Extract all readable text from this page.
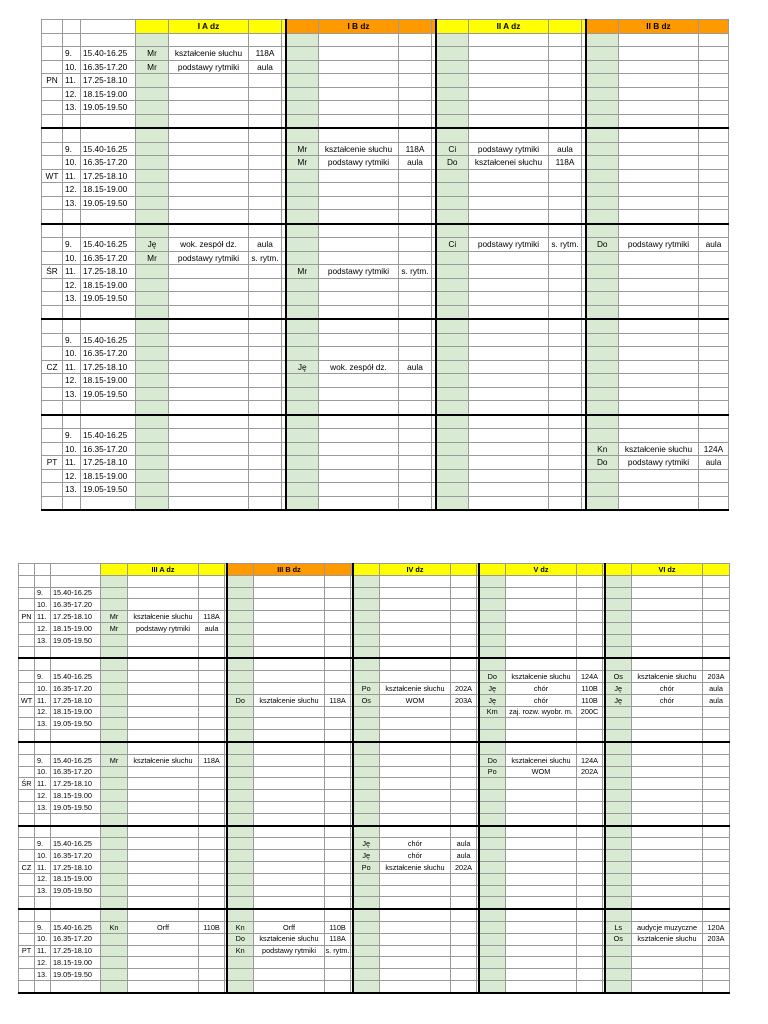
				I A dz				I B dz				II A dz				II B dz	

	9.	15.40-16.25	Mr	kształcenie słuchu	118A												
	10.	16.35-17.20	Mr	podstawy rytmiki	aula												
PN	11.	17.25-18.10															
	12.	18.15-19.00															
	13.	19.05-19.50															

	9.	15.40-16.25					Mr	kształcenie słuchu	118A		Ci	podstawy rytmiki	aula				
	10.	16.35-17.20					Mr	podstawy rytmiki	aula		Do	kształcenei słuchu	118A				
WT	11.	17.25-18.10															
	12.	18.15-19.00															
	13.	19.05-19.50															

	9.	15.40-16.25	Ję	wok. zespół dz.	aula						Ci	podstawy rytmiki	s. rytm.		Do	podstawy rytmiki	aula
	10.	16.35-17.20	Mr	podstawy rytmiki	s. rytm.												
ŚR	11.	17.25-18.10					Mr	podstawy rytmiki	s. rytm.								
	12.	18.15-19.00															
	13.	19.05-19.50															

	9.	15.40-16.25															
	10.	16.35-17.20															
CZ	11.	17.25-18.10					Ję	wok. zespół dz.	aula								
	12.	18.15-19.00															
	13.	19.05-19.50															

	9.	15.40-16.25															
	10.	16.35-17.20													Kn	kształcenie słuchu	124A
PT	11.	17.25-18.10													Do	podstawy rytmiki	aula
	12.	18.15-19.00															
	13.	19.05-19.50															

				III A dz				III B dz				IV dz				V dz				VI dz	

	9.	15.40-16.25																			
	10.	16.35-17.20																			
PN	11.	17.25-18.10	Mr	kształcenie słuchu	118A																
	12.	18.15-19.00	Mr	podstawy rytmiki	aula																
	13.	19.05-19.50																			

	9.	15.40-16.25													Do	kształcenie słuchu	124A		Os	kształcenie słuchu	203A
	10.	16.35-17.20									Po	kształcenie słuchu	202A		Ję	chór	110B		Ję	chór	aula
WT	11.	17.25-18.10					Do	kształcenie słuchu	118A		Os	WOM	203A		Ję	chór	110B		Ję	chór	aula
	12.	18.15-19.00													Km	zaj. rozw. wyobr. m.	200C				
	13.	19.05-19.50																			

	9.	15.40-16.25	Mr	kształcenie słuchu	118A										Do	kształcenei słuchu	124A				
	10.	16.35-17.20													Po	WOM	202A				
ŚR	11.	17.25-18.10																			
	12.	18.15-19.00																			
	13.	19.05-19.50																			

	9.	15.40-16.25									Ję	chór	aula								
	10.	16.35-17.20									Ję	chór	aula								
CZ	11.	17.25-18.10									Po	kształcenie słuchu	202A								
	12.	18.15-19.00																			
	13.	19.05-19.50																			

	9.	15.40-16.25	Kn	Orff	110B		Kn	Orff	110B										Ls	audycje muzyczne	120A
	10.	16.35-17.20					Do	kształcenie słuchu	118A										Os	kształcenie słuchu	203A
PT	11.	17.25-18.10					Kn	podstawy rytmiki	s. rytm.												
	12.	18.15-19.00																			
	13.	19.05-19.50																			
